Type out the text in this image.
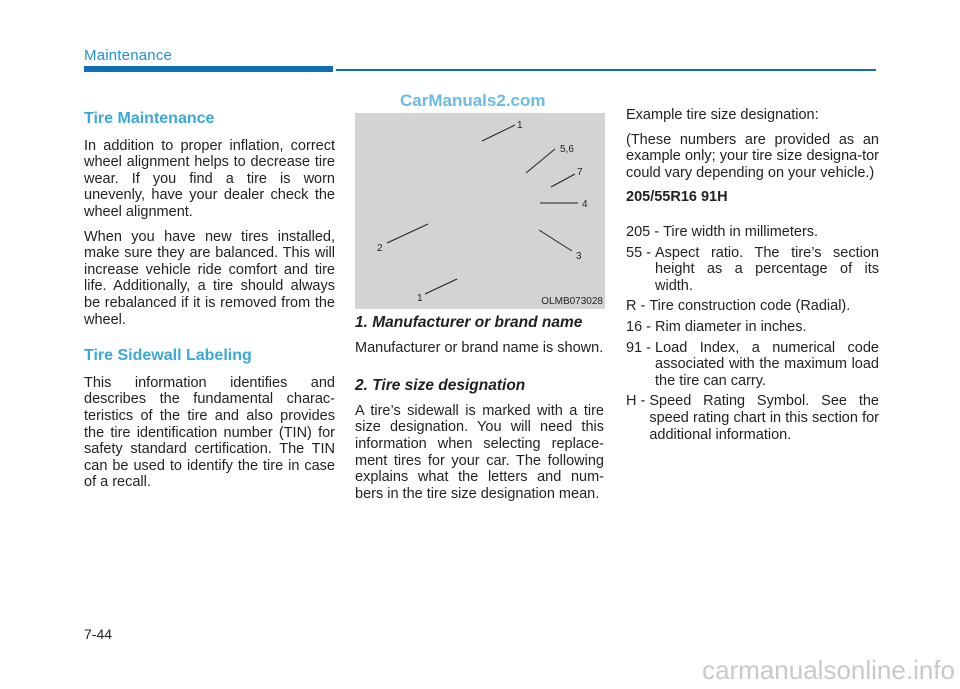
Maintenance
Tire Maintenance

In addition to proper inflation, correct wheel alignment helps to decrease tire wear. If you find a tire is worn unevenly, have your dealer check the wheel alignment.

When you have new tires installed, make sure they are balanced. This will increase vehicle ride comfort and tire life. Additionally, a tire should always be rebalanced if it is removed from the wheel.

Tire Sidewall Labeling

This information identifies and describes the fundamental charac-teristics of the tire and also provides the tire identification number (TIN) for safety standard certification. The TIN can be used to identify the tire in case of a recall.

1
5,6
7
4
3
2
1	OLMB073028
CarManuals2.com
1. Manufacturer or brand name

Manufacturer or brand name is shown.

2. Tire size designation

A tire’s sidewall is marked with a tire size designation. You will need this information when selecting replace-ment tires for your car. The following explains what the letters and num-bers in the tire size designation mean.

Example tire size designation:

(These numbers are provided as an example only; your tire size designa-tor could vary depending on your vehicle.)

205/55R16 91H
205 - Tire width in millimeters.
55 - Aspect ratio. The tire’s section height as a percentage of its width.
R - Tire construction code (Radial).
16 - Rim diameter in inches.
91 - Load Index, a numerical code associated with the maximum load the tire can carry.
H - Speed Rating Symbol. See the speed rating chart in this section for additional information.
7-44
carmanualsonline.info
